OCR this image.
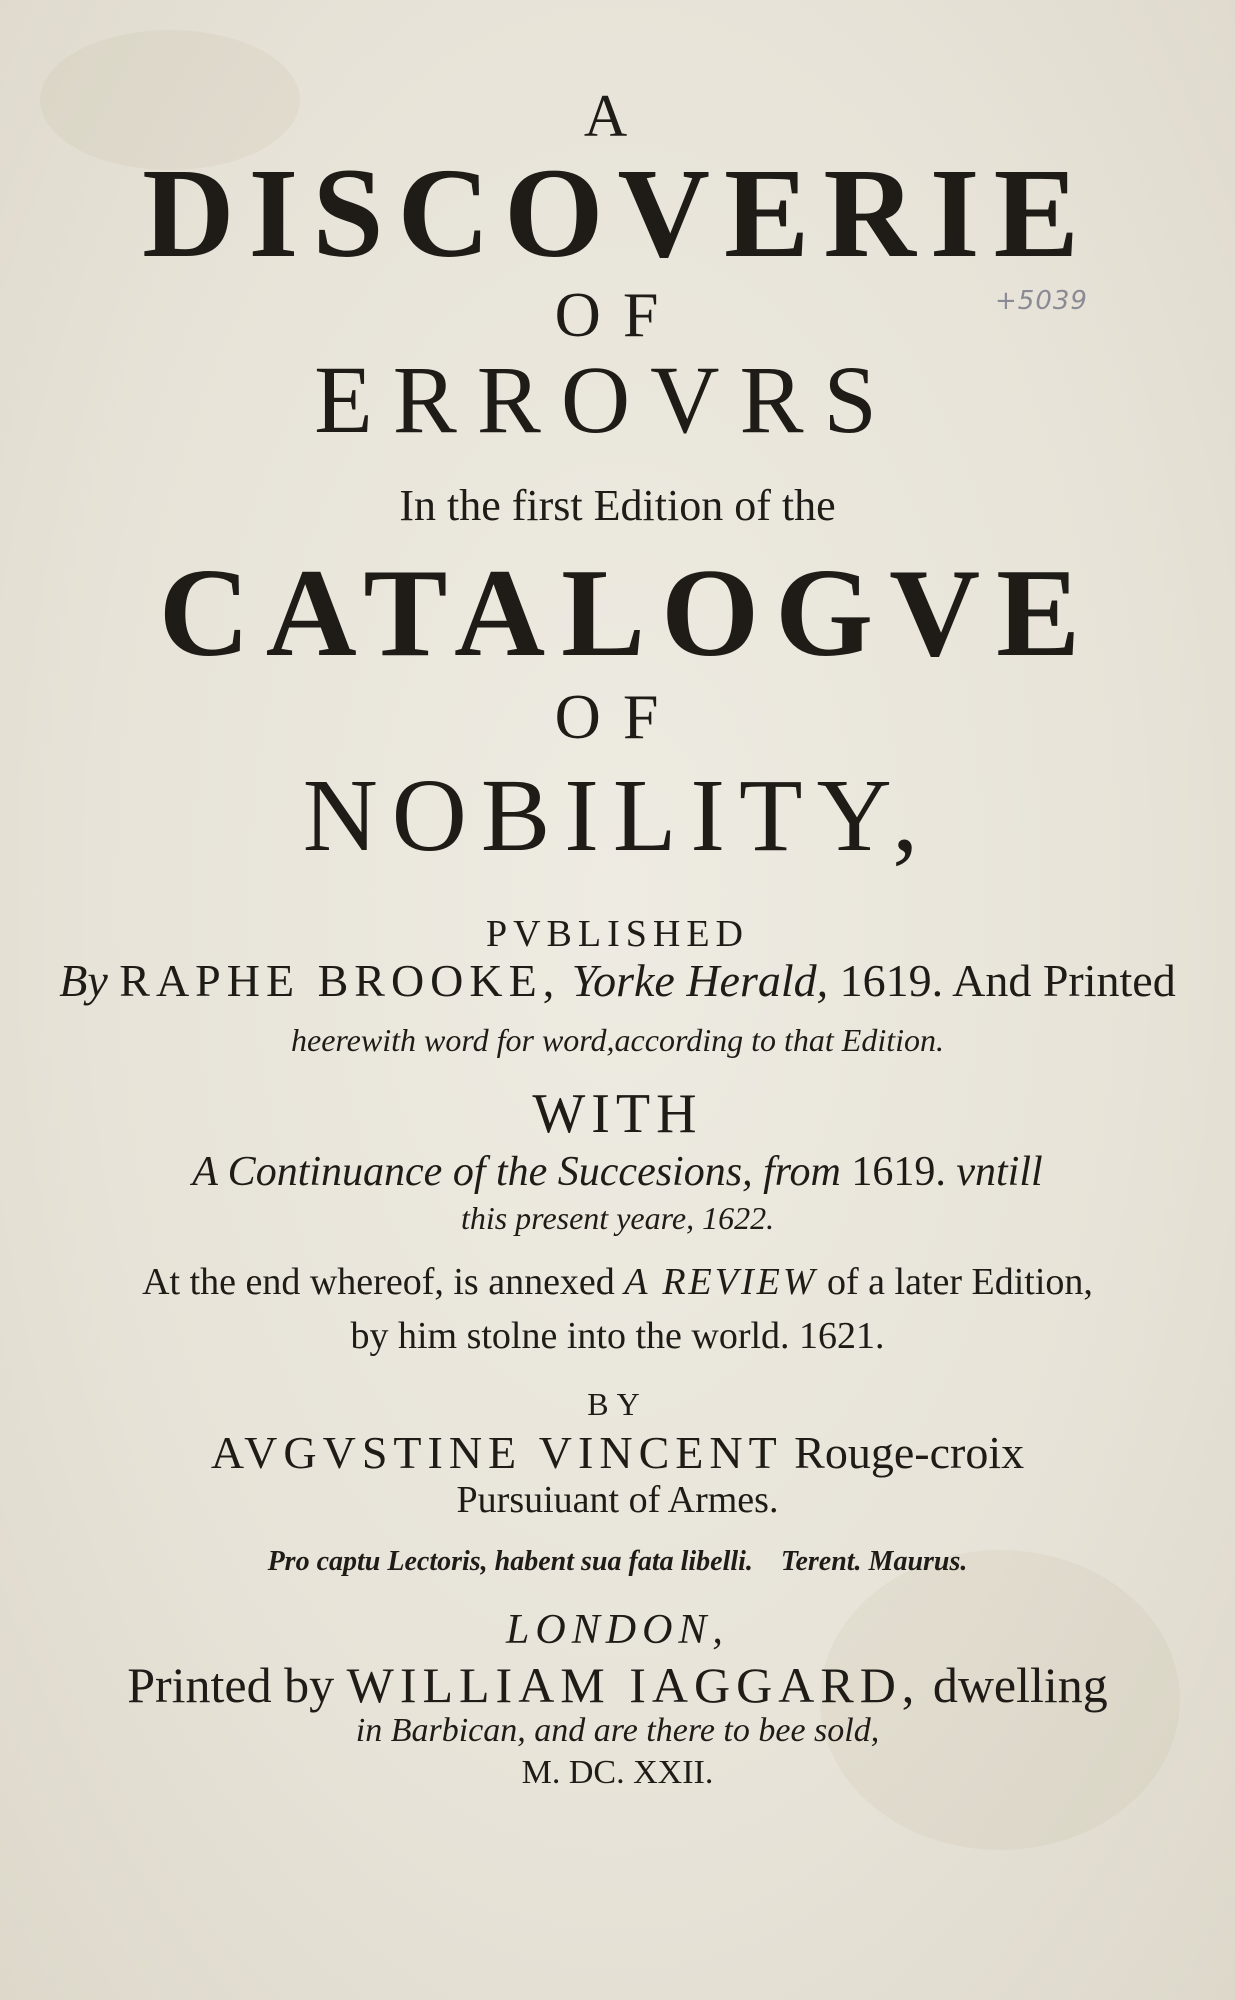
+5039
A
DISCOVERIE
OF
ERROVRS
In the first Edition of the
CATALOGVE
OF
NOBILITY,
PVBLISHED
By RAPHE BROOKE, Yorke Herald, 1619. And Printed
heerewith word for word,according to that Edition.
WITH
A Continuance of the Succesions, from 1619. vntill
this present yeare, 1622.
At the end whereof, is annexed A REVIEW of a later Edition,
by him stolne into the world. 1621.
BY
AVGVSTINE VINCENT Rouge-croix
Pursuiuant of Armes.
Pro captu Lectoris, habent sua fata libelli. Terent. Maurus.
LONDON,
Printed by WILLIAM IAGGARD, dwelling
in Barbican, and are there to bee sold,
M. DC. XXII.
